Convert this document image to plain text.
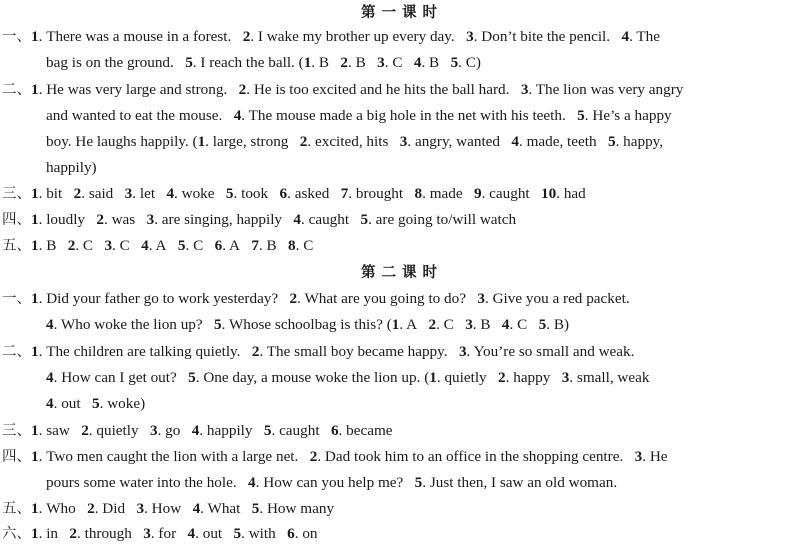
第一课时
一、1. There was a mouse in a forest.   2. I wake my brother up every day.   3. Don’t bite the pencil.   4. The
bag is on the ground.   5. I reach the ball. (1. B   2. B   3. C   4. B   5. C)
二、1. He was very large and strong.   2. He is too excited and he hits the ball hard.   3. The lion was very angry
and wanted to eat the mouse.   4. The mouse made a big hole in the net with his teeth.   5. He’s a happy
boy. He laughs happily. (1. large, strong   2. excited, hits   3. angry, wanted   4. made, teeth   5. happy,
happily)
三、1. bit   2. said   3. let   4. woke   5. took   6. asked   7. brought   8. made   9. caught   10. had
四、1. loudly   2. was   3. are singing, happily   4. caught   5. are going to/will watch
五、1. B   2. C   3. C   4. A   5. C   6. A   7. B   8. C
第二课时
一、1. Did your father go to work yesterday?   2. What are you going to do?   3. Give you a red packet.
4. Who woke the lion up?   5. Whose schoolbag is this? (1. A   2. C   3. B   4. C   5. B)
二、1. The children are talking quietly.   2. The small boy became happy.   3. You’re so small and weak.
4. How can I get out?   5. One day, a mouse woke the lion up. (1. quietly   2. happy   3. small, weak
4. out   5. woke)
三、1. saw   2. quietly   3. go   4. happily   5. caught   6. became
四、1. Two men caught the lion with a large net.   2. Dad took him to an office in the shopping centre.   3. He
pours some water into the hole.   4. How can you help me?   5. Just then, I saw an old woman.
五、1. Who   2. Did   3. How   4. What   5. How many
六、1. in   2. through   3. for   4. out   5. with   6. on
